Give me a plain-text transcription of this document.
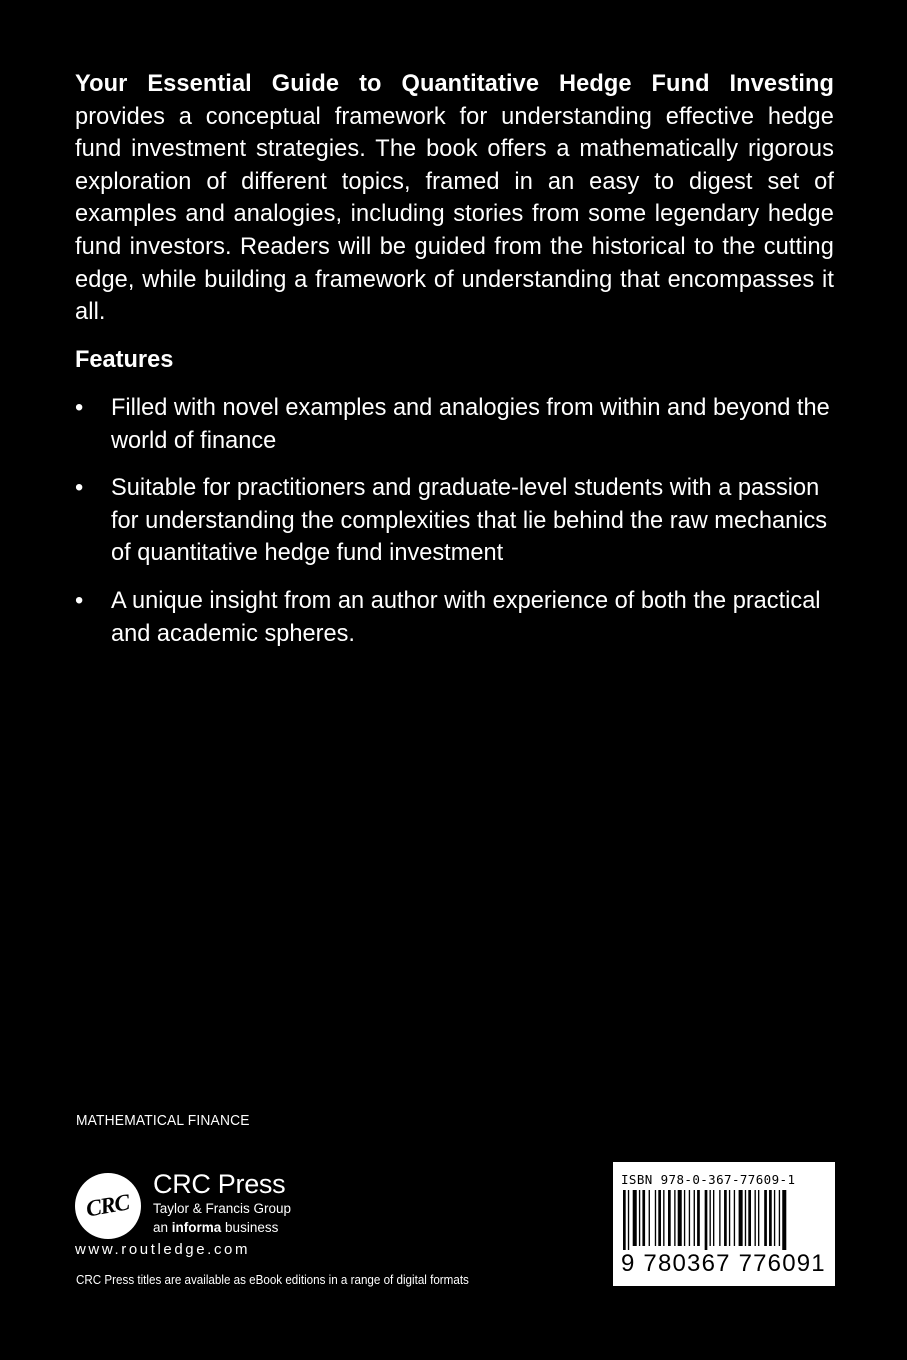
Your Essential Guide to Quantitative Hedge Fund Investing provides a conceptual framework for understanding effective hedge fund investment strategies. The book offers a mathematically rigorous exploration of different topics, framed in an easy to digest set of examples and analogies, including stories from some legendary hedge fund investors. Readers will be guided from the historical to the cutting edge, while building a framework of understanding that encompasses it all.
Features
• Filled with novel examples and analogies from within and beyond the world of finance
• Suitable for practitioners and graduate-level students with a passion for understanding the complexities that lie behind the raw mechanics of quantitative hedge fund investment
• A unique insight from an author with experience of both the practical and academic spheres.
MATHEMATICAL FINANCE
CRC
CRC Press
Taylor & Francis Group
an informa business
www.routledge.com
CRC Press titles are available as eBook editions in a range of digital formats
ISBN 978-0-367-77609-1
9 780367 776091
